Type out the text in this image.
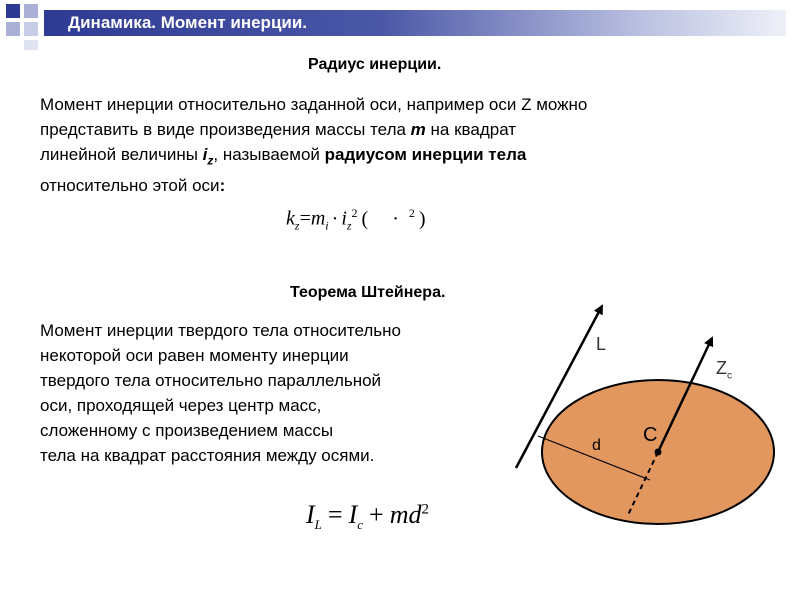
Динамика. Момент инерции.
Радиус инерции.
Момент инерции относительно заданной оси, например оси Z можно
представить в виде произведения массы тела m на квадрат
линейной величины $i_z$, называемой радиусом инерции тела
относительно этой оси:
$k_z=m_i \cdot i_z^2$ ( · $^2$ )
Теорема Штейнера.
Момент инерции твердого тела относительно
некоторой оси равен моменту инерции
твердого тела относительно параллельной
оси, проходящей через центр масс,
сложенному с произведением массы
тела на квадрат расстояния между осями.
$I_L = I_c + md^2$
L
$Z_c$
C
d
